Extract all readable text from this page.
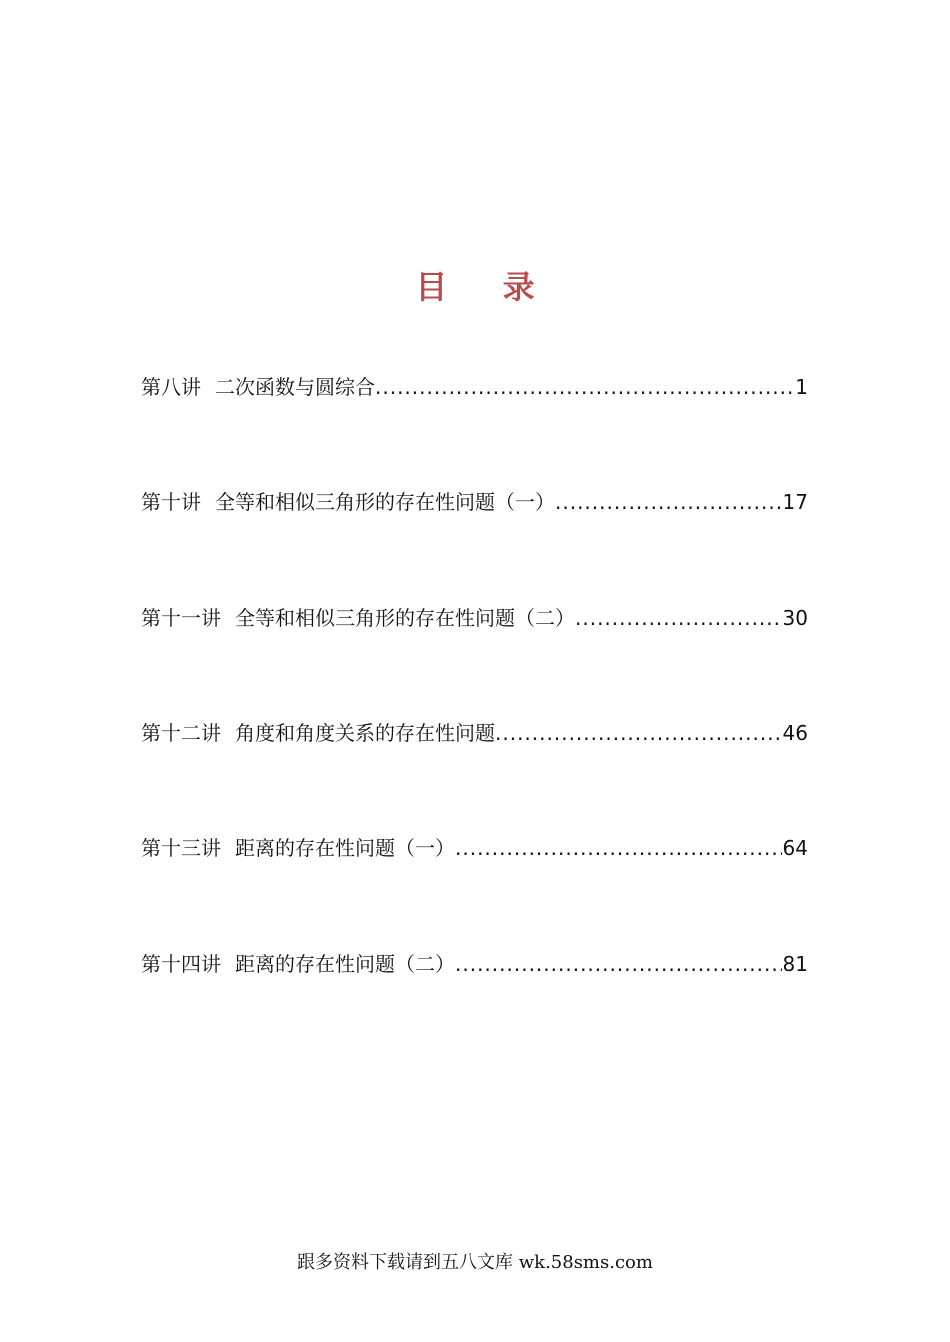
目 录
第八讲 二次函数与圆综合 .....	1
第十讲 全等和相似三角形的存在性问题（一） .....	17
第十一讲 全等和相似三角形的存在性问题（二） .....	30
第十二讲 角度和角度关系的存在性问题 .....	46
第十三讲 距离的存在性问题（一） .....	64
第十四讲 距离的存在性问题（二） .....	81
跟多资料下载请到五八文库 wk.58sms.com
